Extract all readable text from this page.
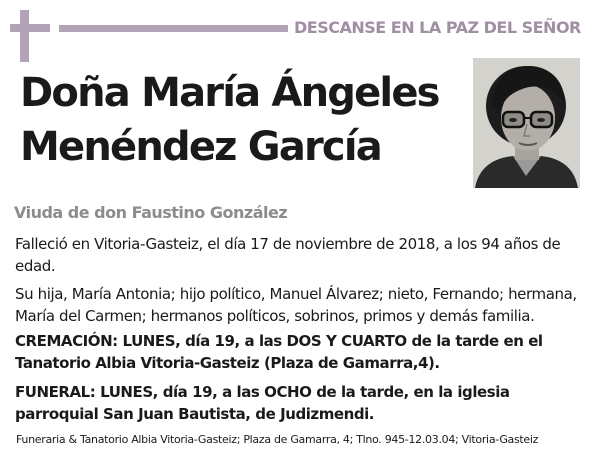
DESCANSE EN LA PAZ DEL SEÑOR
Doña María Ángeles
Menéndez García
Viuda de don Faustino González
Falleció en Vitoria-Gasteiz, el día 17 de noviembre de 2018, a los 94 años de edad.
Su hija, María Antonia; hijo político, Manuel Álvarez; nieto, Fernando; hermana, María del Carmen; hermanos políticos, sobrinos, primos y demás familia.
CREMACIÓN: LUNES, día 19, a las DOS Y CUARTO de la tarde en el Tanatorio Albia Vitoria-Gasteiz (Plaza de Gamarra,4).
FUNERAL: LUNES, día 19, a las OCHO de la tarde, en la iglesia parroquial San Juan Bautista, de Judizmendi.
Funeraria & Tanatorio Albia Vitoria-Gasteiz; Plaza de Gamarra, 4; Tlno. 945-12.03.04; Vitoria-Gasteiz
